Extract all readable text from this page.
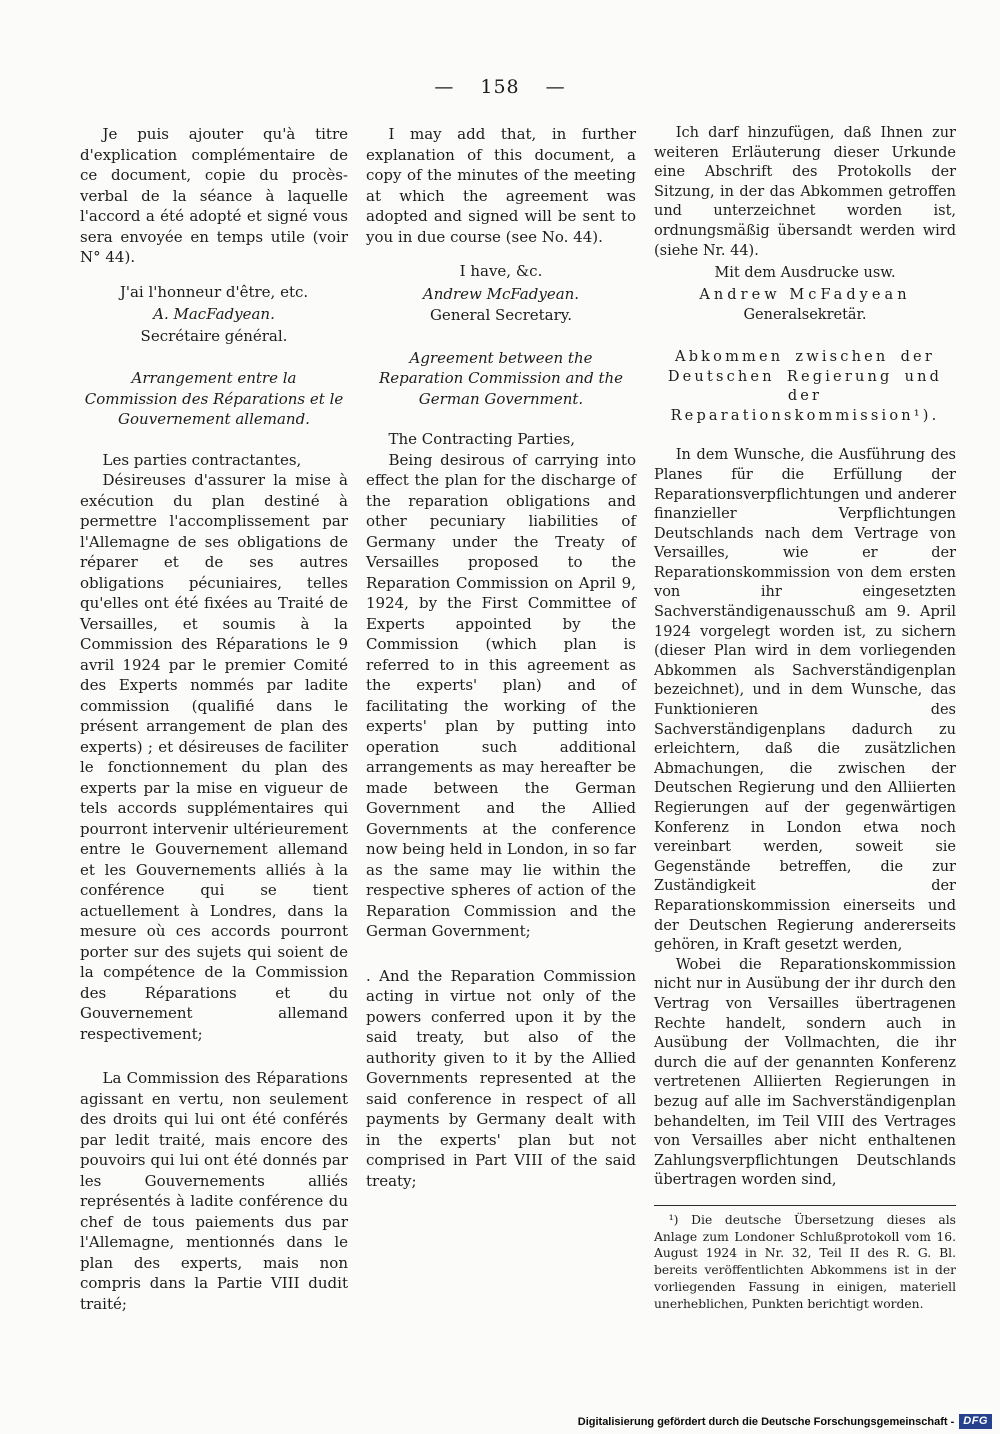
— 158 —

Je puis ajouter qu'à titre d'explication complémentaire de ce document, copie du procès-verbal de la séance à laquelle l'accord a été adopté et signé vous sera envoyée en temps utile (voir N° 44).

J'ai l'honneur d'être, etc.
A. MacFadyean.
Secrétaire général.
Arrangement entre la Commission des Réparations et le Gouvernement allemand.

Les parties contractantes,

Désireuses d'assurer la mise à exécution du plan destiné à permettre l'accomplissement par l'Allemagne de ses obligations de réparer et de ses autres obligations pécuniaires, telles qu'elles ont été fixées au Traité de Versailles, et soumis à la Commission des Réparations le 9 avril 1924 par le premier Comité des Experts nommés par ladite commission (qualifié dans le présent arrangement de plan des experts) ; et désireuses de faciliter le fonctionnement du plan des experts par la mise en vigueur de tels accords supplémentaires qui pourront intervenir ultérieurement entre le Gouvernement allemand et les Gouvernements alliés à la conférence qui se tient actuellement à Londres, dans la mesure où ces accords pourront porter sur des sujets qui soient de la compétence de la Commission des Réparations et du Gouvernement allemand respectivement;

La Commission des Réparations agissant en vertu, non seulement des droits qui lui ont été conférés par ledit traité, mais encore des pouvoirs qui lui ont été donnés par les Gouvernements alliés représentés à ladite conférence du chef de tous paiements dus par l'Allemagne, mentionnés dans le plan des experts, mais non compris dans la Partie VIII dudit traité;

I may add that, in further explanation of this document, a copy of the minutes of the meeting at which the agreement was adopted and signed will be sent to you in due course (see No. 44).

I have, &c.
Andrew McFadyean.
General Secretary.
Agreement between the Reparation Commission and the German Government.

The Contracting Parties,

Being desirous of carrying into effect the plan for the discharge of the reparation obligations and other pecuniary liabilities of Germany under the Treaty of Versailles proposed to the Reparation Commission on April 9, 1924, by the First Committee of Experts appointed by the Commission (which plan is referred to in this agreement as the experts' plan) and of facilitating the working of the experts' plan by putting into operation such additional arrangements as may hereafter be made between the German Government and the Allied Governments at the conference now being held in London, in so far as the same may lie within the respective spheres of action of the Reparation Commission and the German Government;

. And the Reparation Commission acting in virtue not only of the powers conferred upon it by the said treaty, but also of the authority given to it by the Allied Governments represented at the said conference in respect of all payments by Germany dealt with in the experts' plan but not comprised in Part VIII of the said treaty;

Ich darf hinzufügen, daß Ihnen zur weiteren Erläuterung dieser Urkunde eine Abschrift des Protokolls der Sitzung, in der das Abkommen getroffen und unterzeichnet worden ist, ordnungsmäßig übersandt werden wird (siehe Nr. 44).

Mit dem Ausdrucke usw.
Andrew McFadyean
Generalsekretär.
Abkommen zwischen der Deutschen Regierung und der Reparationskommission¹).

In dem Wunsche, die Ausführung des Planes für die Erfüllung der Reparationsverpflichtungen und anderer finanzieller Verpflichtungen Deutschlands nach dem Vertrage von Versailles, wie er der Reparationskommission von dem ersten von ihr eingesetzten Sachverständigenausschuß am 9. April 1924 vorgelegt worden ist, zu sichern (dieser Plan wird in dem vorliegenden Abkommen als Sachverständigenplan bezeichnet), und in dem Wunsche, das Funktionieren des Sachverständigenplans dadurch zu erleichtern, daß die zusätzlichen Abmachungen, die zwischen der Deutschen Regierung und den Alliierten Regierungen auf der gegenwärtigen Konferenz in London etwa noch vereinbart werden, soweit sie Gegenstände betreffen, die zur Zuständigkeit der Reparationskommission einerseits und der Deutschen Regierung andererseits gehören, in Kraft gesetzt werden,

Wobei die Reparationskommission nicht nur in Ausübung der ihr durch den Vertrag von Versailles übertragenen Rechte handelt, sondern auch in Ausübung der Vollmachten, die ihr durch die auf der genannten Konferenz vertretenen Alliierten Regierungen in bezug auf alle im Sachverständigenplan behandelten, im Teil VIII des Vertrages von Versailles aber nicht enthaltenen Zahlungsverpflichtungen Deutschlands übertragen worden sind,

¹) Die deutsche Übersetzung dieses als Anlage zum Londoner Schlußprotokoll vom 16. August 1924 in Nr. 32, Teil II des R. G. Bl. bereits veröffentlichten Abkommens ist in der vorliegenden Fassung in einigen, materiell unerheblichen, Punkten berichtigt worden.

Digitalisierung gefördert durch die Deutsche Forschungsgemeinschaft - DFG
